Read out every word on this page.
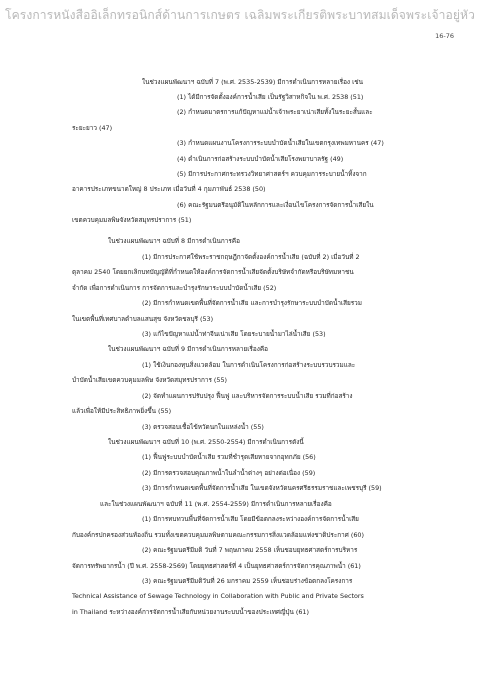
โครงการหนังสืออิเล็กทรอนิกส์ด้านการเกษตร เฉลิมพระเกียรติพระบาทสมเด็จพระเจ้าอยู่หัว
16-76
ในช่วงแผนพัฒนาฯ ฉบับที่ 7 (พ.ศ. 2535-2539) มีการดำเนินการหลายเรื่อง เช่น
(1) ได้มีการจัดตั้งองค์การน้ำเสีย เป็นรัฐวิสาหกิจใน พ.ศ. 2538 (51)
(2) กำหนดมาตรการแก้ปัญหาแม่น้ำเจ้าพระยาเน่าเสียทั้งในระยะสั้นและ
ระยะยาว (47)
(3) กำหนดแผนงานโครงการระบบบำบัดน้ำเสียในเขตกรุงเทพมหานคร (47)
(4) ดำเนินการก่อสร้างระบบบำบัดน้ำเสียโรงพยาบาลรัฐ (49)
(5) มีการประกาศกระทรวงวิทยาศาสตร์ฯ ควบคุมการระบายน้ำทิ้งจาก
อาคารประเภทขนาดใหญ่ 8 ประเภท เมื่อวันที่ 4 กุมภาพันธ์ 2538 (50)
(6) คณะรัฐมนตรีอนุมัติในหลักการและเงื่อนไขโครงการจัดการน้ำเสียใน
เขตควบคุมมลพิษจังหวัดสมุทรปราการ (51)
ในช่วงแผนพัฒนาฯ ฉบับที่ 8 มีการดำเนินการคือ
(1) มีการประกาศใช้พระราชกฤษฎีกาจัดตั้งองค์การน้ำเสีย (ฉบับที่ 2) เมื่อวันที่ 2
ตุลาคม 2540 โดยยกเลิกบทบัญญัติที่กำหนดให้องค์การจัดการน้ำเสียจัดตั้งบริษัทจำกัดหรือบริษัทมหาชน
จำกัด เพื่อการดำเนินการ การจัดการและบำรุงรักษาระบบบำบัดน้ำเสีย (52)
(2) มีการกำหนดเขตพื้นที่จัดการน้ำเสีย และการบำรุงรักษาระบบบำบัดน้ำเสียรวม
ในเขตพื้นที่เทศบาลตำบลแสนสุข จังหวัดชลบุรี (53)
(3) แก้ไขปัญหาแม่น้ำท่าจีนเน่าเสีย โดยระบายน้ำมาไล่น้ำเสีย (53)
ในช่วงแผนพัฒนาฯ ฉบับที่ 9 มีการดำเนินการหลายเรื่องคือ
(1) ใช้เงินกองทุนสิ่งแวดล้อม ในการดำเนินโครงการก่อสร้างระบบรวบรวมและ
บำบัดน้ำเสียเขตควบคุมมลพิษ จังหวัดสมุทรปราการ (55)
(2) จัดทำแผนการปรับปรุง ฟื้นฟู และบริหารจัดการระบบน้ำเสีย รวมที่ก่อสร้าง
แล้วเพื่อให้มีประสิทธิภาพยิ่งขึ้น (55)
(3) ตรวจสอบเชื้อไข้หวัดนกในแหล่งน้ำ (55)
ในช่วงแผนพัฒนาฯ ฉบับที่ 10 (พ.ศ. 2550-2554) มีการดำเนินการดังนี้
(1) ฟื้นฟูระบบบำบัดน้ำเสีย รวมที่ชำรุดเสียหายจากอุทกภัย (56)
(2) มีการตรวจสอบคุณภาพน้ำในลำน้ำต่างๆ อย่างต่อเนื่อง (59)
(3) มีการกำหนดเขตพื้นที่จัดการน้ำเสีย ในเขตจังหวัดนครศรีธรรมราชและเพชรบุรี (59)
และในช่วงแผนพัฒนาฯ ฉบับที่ 11 (พ.ศ. 2554-2559) มีการดำเนินการหลายเรื่องคือ
(1) มีการทบทวนพื้นที่จัดการน้ำเสีย โดยมีข้อตกลงระหว่างองค์การจัดการน้ำเสีย
กับองค์กรปกครองส่วนท้องถิ่น รวมทั้งเขตควบคุมมลพิษตามคณะกรรมการสิ่งแวดล้อมแห่งชาติประกาศ (60)
(2) คณะรัฐมนตรีมีมติ วันที่ 7 พฤษภาคม 2558 เห็นชอบยุทธศาสตร์การบริหาร
จัดการทรัพยากรน้ำ (ปี พ.ศ. 2558-2569) โดยยุทธศาสตร์ที่ 4 เป็นยุทธศาสตร์การจัดการคุณภาพน้ำ (61)
(3) คณะรัฐมนตรีมีมติวันที่ 26 มกราคม 2559 เห็นชอบร่างข้อตกลงโครงการ
Technical Assistance of Sewage Technology in Collaboration with Public and Private Sectors
in Thailand ระหว่างองค์การจัดการน้ำเสียกับหน่วยงานระบบน้ำของประเทศญี่ปุ่น (61)
